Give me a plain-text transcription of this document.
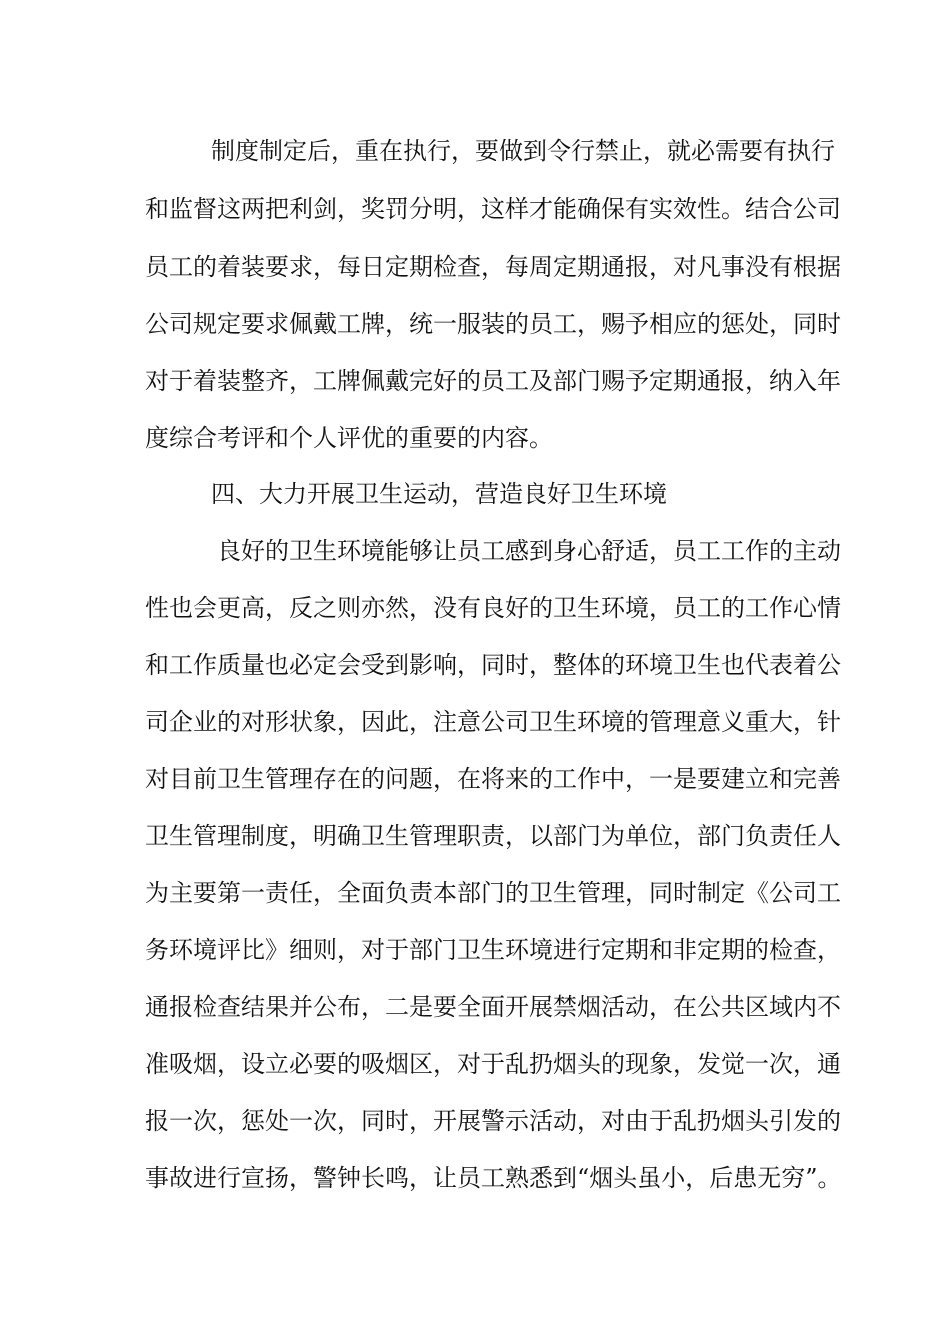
制度制定后，重在执行，要做到令行禁止，就必需要有执行
和监督这两把利剑，奖罚分明，这样才能确保有实效性。结合公司
员工的着装要求，每日定期检查，每周定期通报，对凡事没有根据
公司规定要求佩戴工牌，统一服装的员工，赐予相应的惩处，同时
对于着装整齐，工牌佩戴完好的员工及部门赐予定期通报，纳入年
度综合考评和个人评优的重要的内容。
四、大力开展卫生运动，营造良好卫生环境
良好的卫生环境能够让员工感到身心舒适，员工工作的主动
性也会更高，反之则亦然，没有良好的卫生环境，员工的工作心情
和工作质量也必定会受到影响，同时，整体的环境卫生也代表着公
司企业的对形状象，因此，注意公司卫生环境的管理意义重大，针
对目前卫生管理存在的问题，在将来的工作中，一是要建立和完善
卫生管理制度，明确卫生管理职责，以部门为单位，部门负责任人
为主要第一责任，全面负责本部门的卫生管理，同时制定《公司工
务环境评比》细则，对于部门卫生环境进行定期和非定期的检查，
通报检查结果并公布，二是要全面开展禁烟活动，在公共区域内不
准吸烟，设立必要的吸烟区，对于乱扔烟头的现象，发觉一次，通
报一次，惩处一次，同时，开展警示活动，对由于乱扔烟头引发的
事故进行宣扬，警钟长鸣，让员工熟悉到“烟头虽小，后患无穷”。
